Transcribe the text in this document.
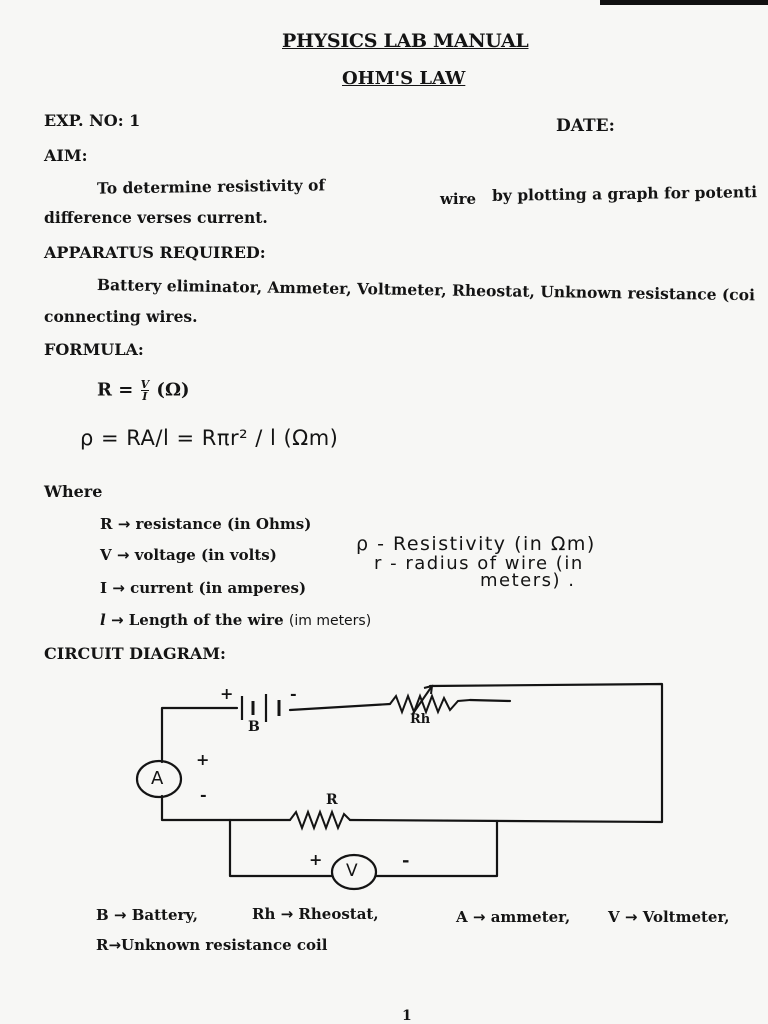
PHYSICS LAB MANUAL
OHM'S LAW
EXP. NO: 1	DATE:
AIM:
To determine resistivity of
wire by plotting a graph for potenti
difference verses current.
APPARATUS REQUIRED:
Battery eliminator, Ammeter, Voltmeter, Rheostat, Unknown resistance (coi
connecting wires.
FORMULA:
$R = \frac{V}{I} (\Omega)$
ρ = RA/l = Rπr² / l (Ωm)
Where
R → resistance (in Ohms)
V → voltage (in volts)
I → current (in amperes)
l → Length of the wire (im meters)
ρ - Resistivity (in Ωm)
r - radius of wire (in
meters) .
CIRCUIT DIAGRAM:
+	-
B	Rh
R
A
+
-
V
+	-
B → Battery,	Rh → Rheostat,	A → ammeter,	V → Voltmeter,
R→Unknown resistance coil
1
